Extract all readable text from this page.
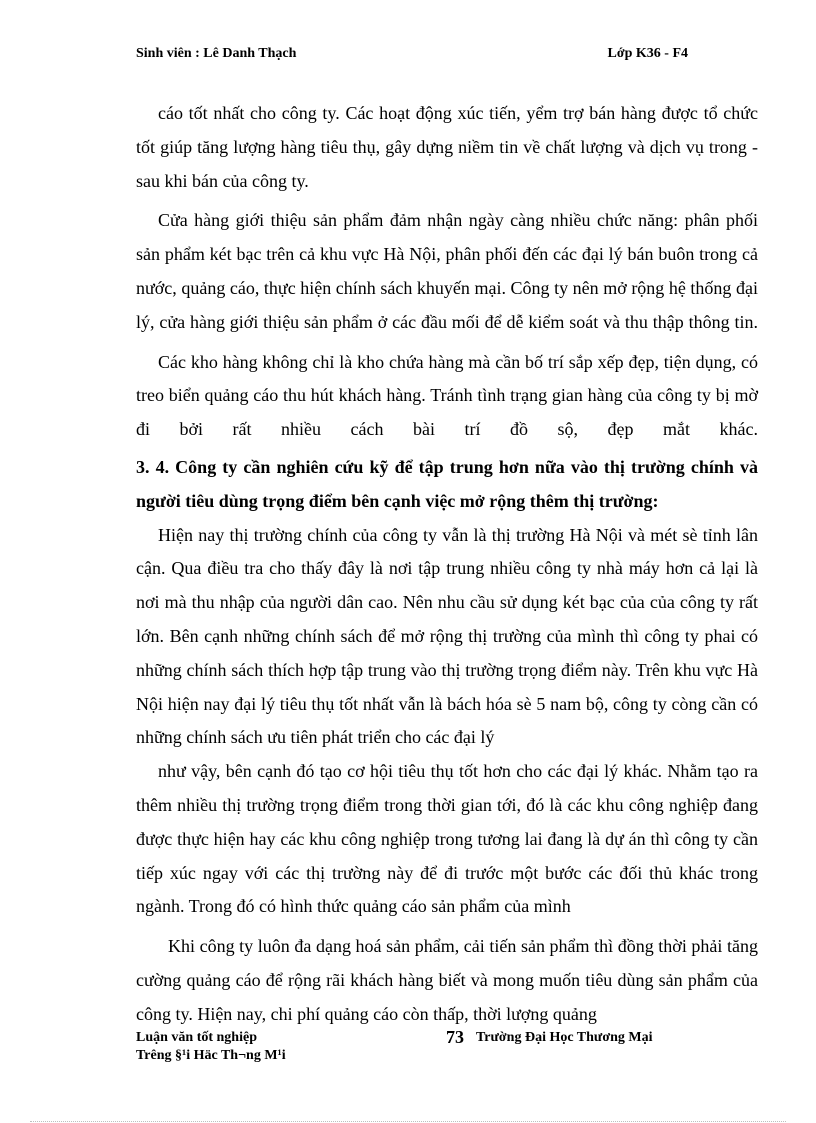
Sinh viên : Lê Danh Thạch	Lớp K36 - F4

cáo tốt nhất cho công ty. Các hoạt động xúc tiến, yểm trợ bán hàng được tổ chức tốt giúp tăng lượng hàng tiêu thụ, gây dựng niềm tin về chất lượng và dịch vụ trong - sau khi bán của công ty.

Cửa hàng giới thiệu sản phẩm đảm nhận ngày càng nhiều chức năng: phân phối sản phẩm két bạc trên cả khu vực Hà Nội, phân phối đến các đại lý bán buôn trong cả nước, quảng cáo, thực hiện chính sách khuyến mại. Công ty nên mở rộng hệ thống đại lý, cửa hàng giới thiệu sản phẩm ở các đầu mối để dễ kiểm soát và thu thập thông tin.

Các kho hàng không chỉ là kho chứa hàng mà cần bố trí sắp xếp đẹp, tiện dụng, có treo biển quảng cáo thu hút khách hàng. Tránh tình trạng gian hàng của công ty bị mờ đi bởi rất nhiều cách bài trí đồ sộ, đẹp mắt khác.

3. 4. Công ty cần nghiên cứu kỹ để tập trung hơn nữa vào thị trường chính và người tiêu dùng trọng điểm bên cạnh việc mở rộng thêm thị trường:

Hiện nay thị trường chính của công ty vẫn là thị trường Hà Nội và mét sè tỉnh lân cận. Qua điều tra cho thấy đây là nơi tập trung nhiều công ty nhà máy hơn cả lại là nơi mà thu nhập của người dân cao. Nên nhu cầu sử dụng két bạc của của công ty rất lớn. Bên cạnh những chính sách để mở rộng thị trường của mình thì công ty phai có những chính sách thích hợp tập trung vào thị trường trọng điểm này. Trên khu vực Hà Nội hiện nay đại lý tiêu thụ tốt nhất vẫn là bách hóa sè 5 nam bộ, công ty còng cần có những chính sách ưu tiên phát triển cho các đại lý

như vậy, bên cạnh đó tạo cơ hội tiêu thụ tốt hơn cho các đại lý khác. Nhằm tạo ra thêm nhiều thị trường trọng điểm trong thời gian tới, đó là các khu công nghiệp đang được thực hiện hay các khu công nghiệp trong tương lai đang là dự án thì công ty cần tiếp xúc ngay với các thị trường này để đi trước một bước các đối thủ khác trong ngành. Trong đó có hình thức quảng cáo sản phẩm của mình

Khi công ty luôn đa dạng hoá sản phẩm, cải tiến sản phẩm thì đồng thời phải tăng cường quảng cáo để rộng rãi khách hàng biết và mong muốn tiêu dùng sản phẩm của công ty. Hiện nay, chi phí quảng cáo còn thấp, thời lượng quảng

Luận văn tốt nghiệp
Trêng §¹i Häc Th¬ng M¹i
73 Trường Đại Học Thương Mại
